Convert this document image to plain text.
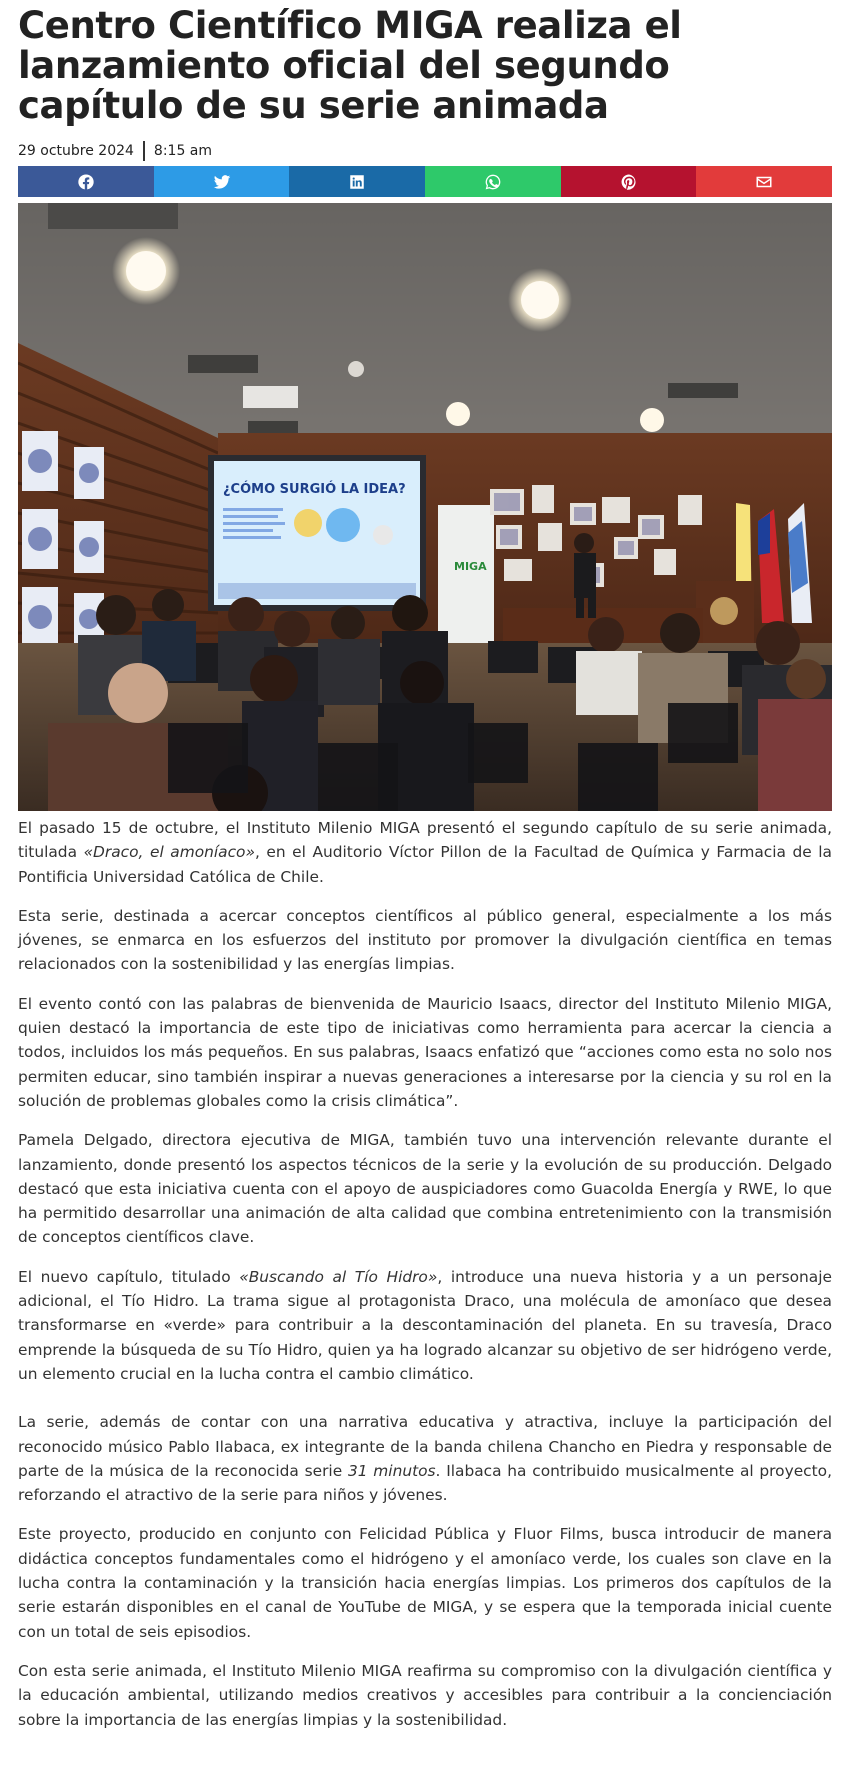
Centro Científico MIGA realiza el lanzamiento oficial del segundo capítulo de su serie animada
29 octubre 2024 8:15 am
¿CÓMO SURGIÓ LA IDEA?
MIGA

El pasado 15 de octubre, el Instituto Milenio MIGA presentó el segundo capítulo de su serie animada, titulada «Draco, el amoníaco», en el Auditorio Víctor Pillon de la Facultad de Química y Farmacia de la Pontificia Universidad Católica de Chile.

Esta serie, destinada a acercar conceptos científicos al público general, especialmente a los más jóvenes, se enmarca en los esfuerzos del instituto por promover la divulgación científica en temas relacionados con la sostenibilidad y las energías limpias.

El evento contó con las palabras de bienvenida de Mauricio Isaacs, director del Instituto Milenio MIGA, quien destacó la importancia de este tipo de iniciativas como herramienta para acercar la ciencia a todos, incluidos los más pequeños. En sus palabras, Isaacs enfatizó que “acciones como esta no solo nos permiten educar, sino también inspirar a nuevas generaciones a interesarse por la ciencia y su rol en la solución de problemas globales como la crisis climática”.

Pamela Delgado, directora ejecutiva de MIGA, también tuvo una intervención relevante durante el lanzamiento, donde presentó los aspectos técnicos de la serie y la evolución de su producción. Delgado destacó que esta iniciativa cuenta con el apoyo de auspiciadores como Guacolda Energía y RWE, lo que ha permitido desarrollar una animación de alta calidad que combina entretenimiento con la transmisión de conceptos científicos clave.

El nuevo capítulo, titulado «Buscando al Tío Hidro», introduce una nueva historia y a un personaje adicional, el Tío Hidro. La trama sigue al protagonista Draco, una molécula de amoníaco que desea transformarse en «verde» para contribuir a la descontaminación del planeta. En su travesía, Draco emprende la búsqueda de su Tío Hidro, quien ya ha logrado alcanzar su objetivo de ser hidrógeno verde, un elemento crucial en la lucha contra el cambio climático.

La serie, además de contar con una narrativa educativa y atractiva, incluye la participación del reconocido músico Pablo Ilabaca, ex integrante de la banda chilena Chancho en Piedra y responsable de parte de la música de la reconocida serie 31 minutos. Ilabaca ha contribuido musicalmente al proyecto, reforzando el atractivo de la serie para niños y jóvenes.

Este proyecto, producido en conjunto con Felicidad Pública y Fluor Films, busca introducir de manera didáctica conceptos fundamentales como el hidrógeno y el amoníaco verde, los cuales son clave en la lucha contra la contaminación y la transición hacia energías limpias. Los primeros dos capítulos de la serie estarán disponibles en el canal de YouTube de MIGA, y se espera que la temporada inicial cuente con un total de seis episodios.

Con esta serie animada, el Instituto Milenio MIGA reafirma su compromiso con la divulgación científica y la educación ambiental, utilizando medios creativos y accesibles para contribuir a la concienciación sobre la importancia de las energías limpias y la sostenibilidad.
